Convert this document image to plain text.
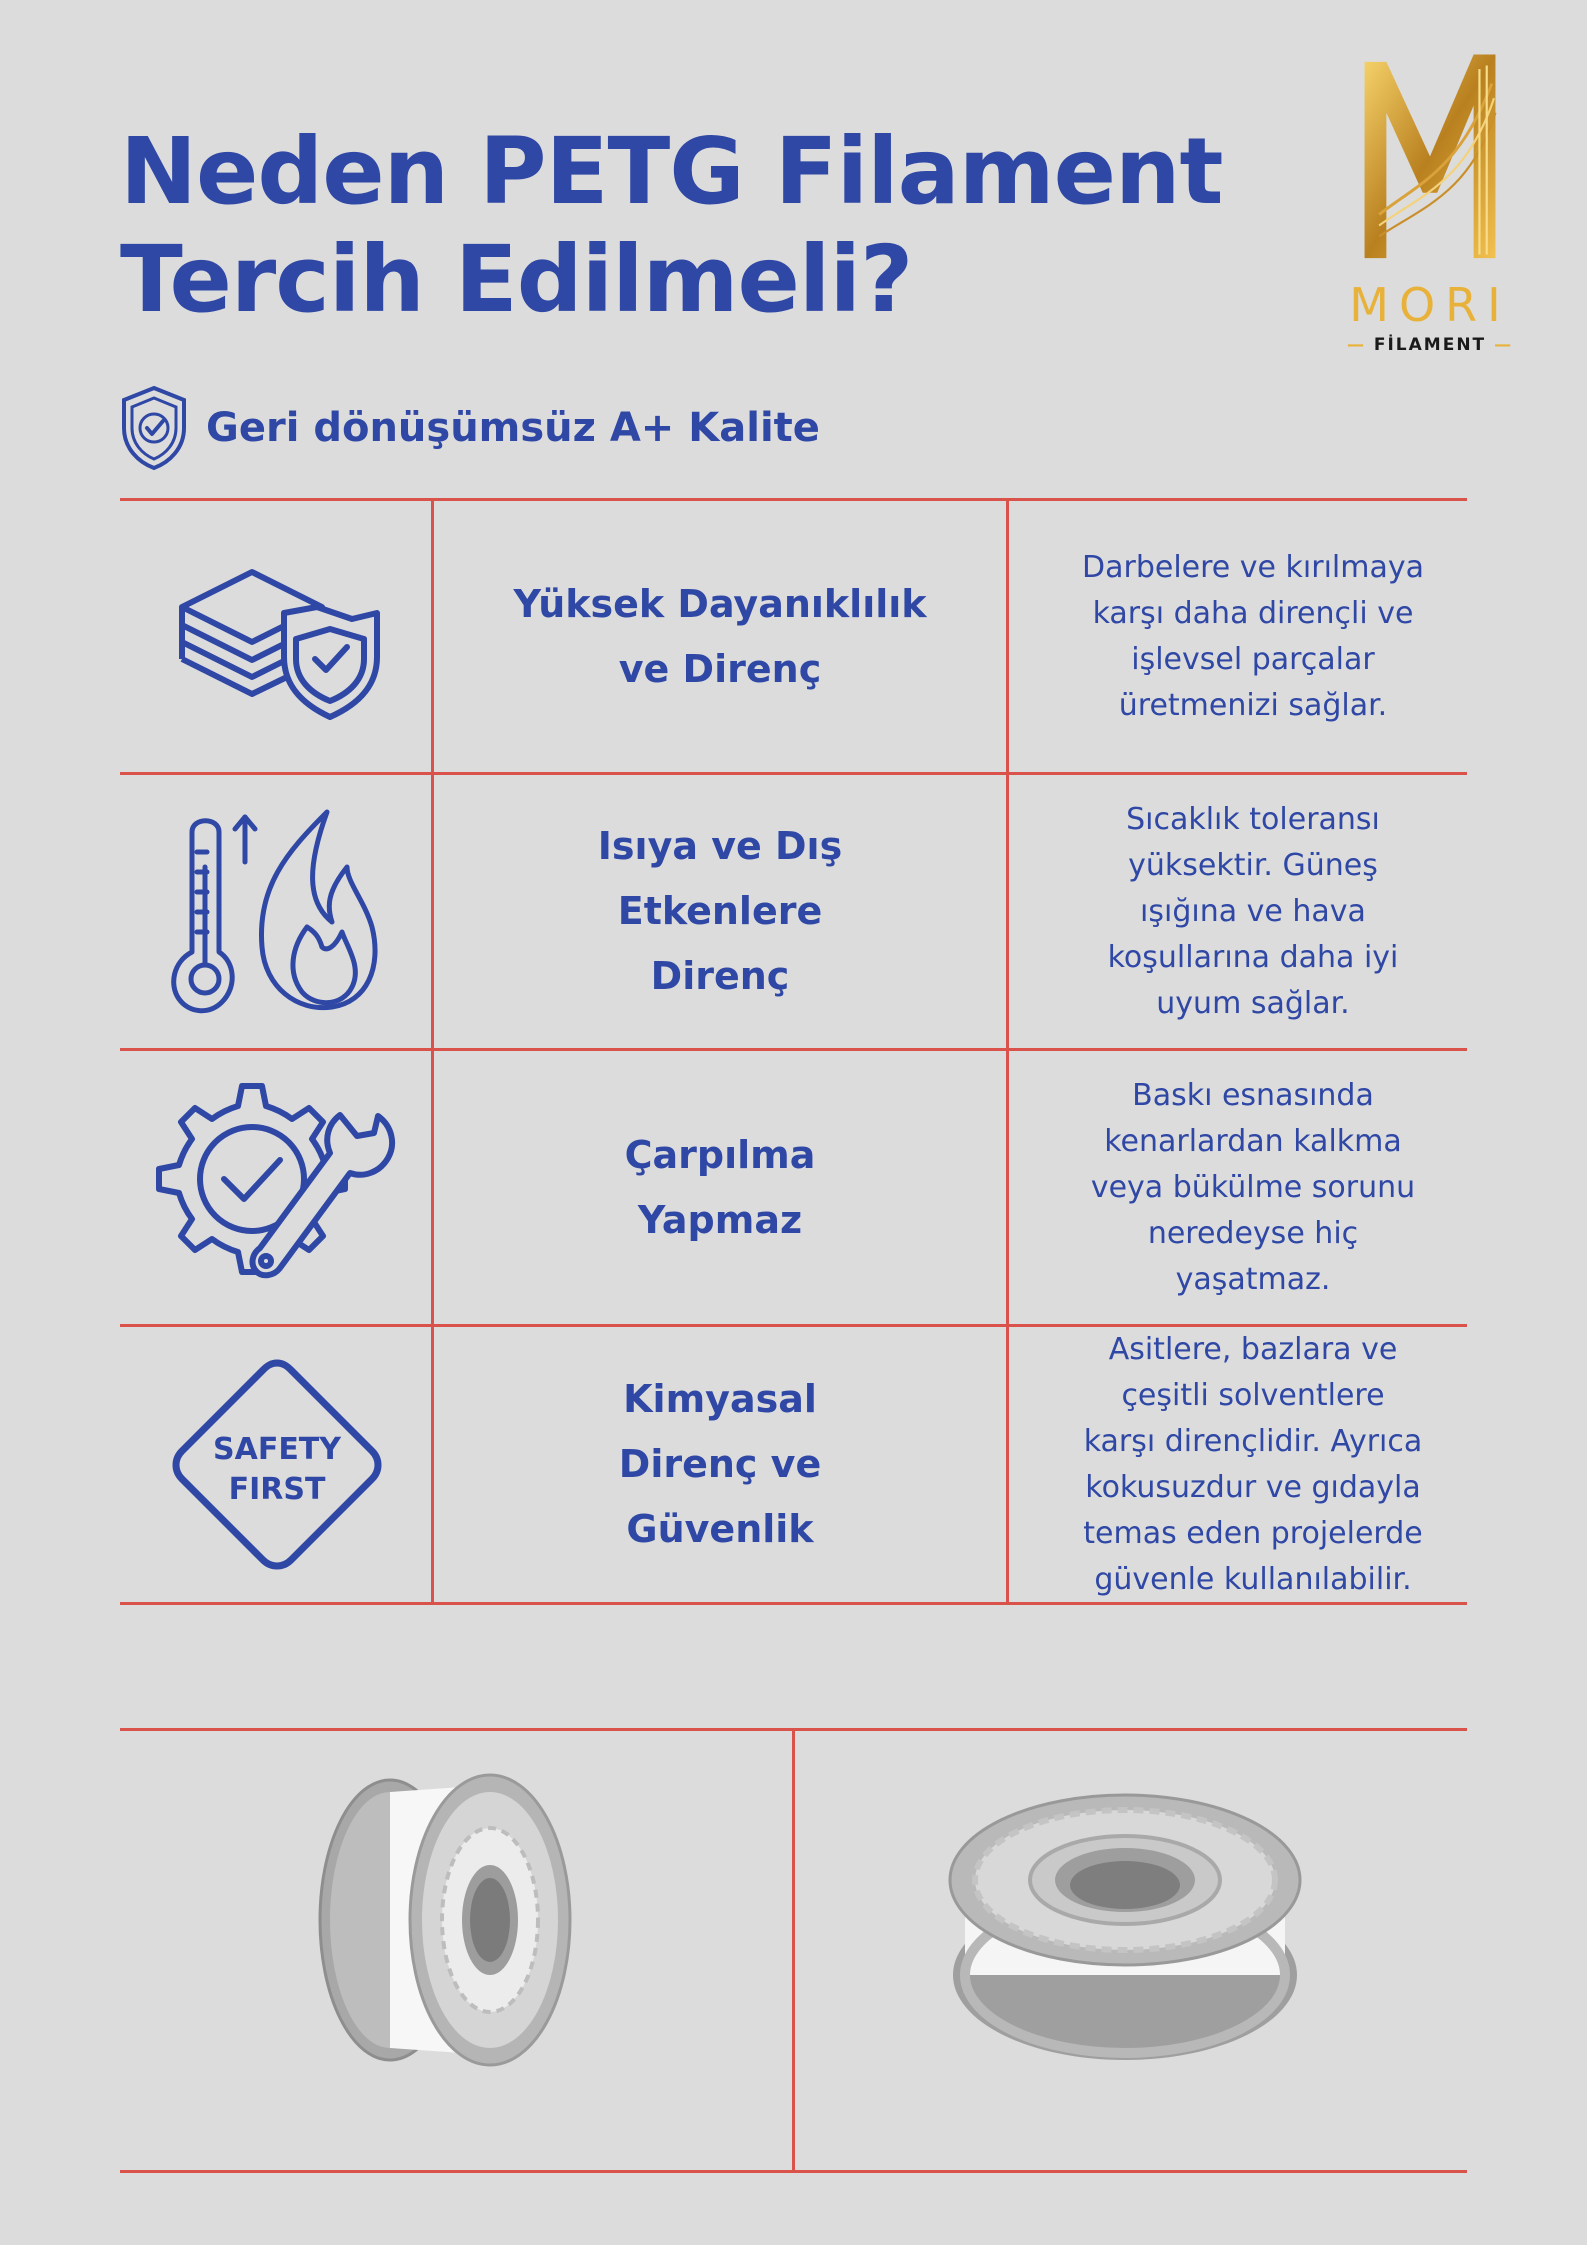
Neden PETG Filament
Tercih Edilmeli?	MORI
— FİLAMENT —
Geri dönüşümsüz A+ Kalite
Yüksek Dayanıklılık ve Direnç
Darbelere ve kırılmaya karşı daha dirençli ve işlevsel parçalar üretmenizi sağlar.
Isıya ve Dış Etkenlere Direnç
Sıcaklık toleransı yüksektir. Güneş ışığına ve hava koşullarına daha iyi uyum sağlar.
Çarpılma Yapmaz
Baskı esnasında kenarlardan kalkma veya bükülme sorunu neredeyse hiç yaşatmaz.
SAFETY
FIRST
Kimyasal Direnç ve Güvenlik
Asitlere, bazlara ve çeşitli solventlere karşı dirençlidir. Ayrıca kokusuzdur ve gıdayla temas eden projelerde güvenle kullanılabilir.
